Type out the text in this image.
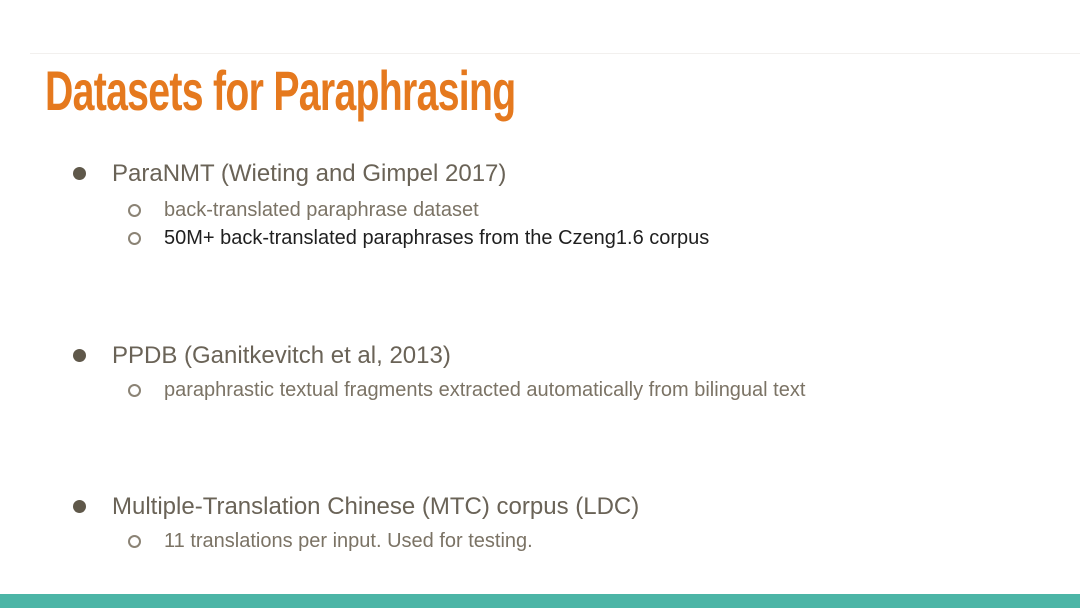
Datasets for Paraphrasing
ParaNMT (Wieting and Gimpel 2017)
back-translated paraphrase dataset
50M+ back-translated paraphrases from the Czeng1.6 corpus
PPDB (Ganitkevitch et al, 2013)
paraphrastic textual fragments extracted automatically from bilingual text
Multiple-Translation Chinese (MTC) corpus (LDC)
11 translations per input. Used for testing.
